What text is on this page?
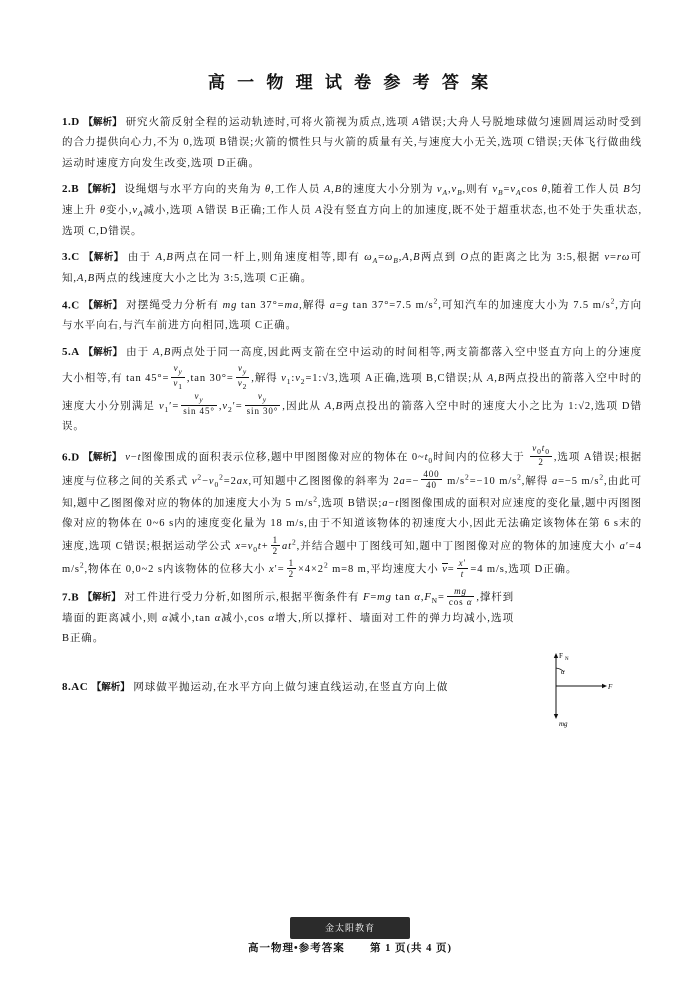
高 一 物 理 试 卷 参 考 答 案
1.D 【解析】 研究火箭反射全程的运动轨迹时,可将火箭视为质点,选项 A错误;大舟人号脱地球做匀速圆周运动时受到的合力提供向心力,不为 0,选项 B错误;火箭的惯性只与火箭的质量有关,与速度大小无关,选项 C错误;天体飞行做曲线运动时速度方向发生改变,选项 D正确。
2.B 【解析】 设绳烟与水平方向的夹角为 θ,工作人员 A,B的速度大小分别为 $v_A,v_B$,则有 $v_B=v_A\cos$ θ,随着工作人员 B匀速上升 θ变小$,v_A$减小,选项 A错误 B正确;工作人员 A没有竖直方向上的加速度,既不处于超重状态,也不处于失重状态,选项 C,D错误。
3.C 【解析】 由于 A,B两点在同一杆上,则角速度相等,即有 $\omega_A=\omega_B,A,B$两点到 O点的距离之比为 3:5,根据 v=rω可知,A,B两点的线速度大小之比为 3:5,选项 C正确。
4.C 【解析】 对摆绳受力分析有 mg tan 37°=ma,解得 a=g tan 37°=7.5 $m/s^2$,可知汽车的加速度大小为 7.5 $m/s^2$,方向与水平向右,与汽车前进方向相同,选项 C正确。
5.A 【解析】 由于 A,B两点处于同一高度,因此两支箭在空中运动的时间相等,两支箭都落入空中竖直方向上的分速度大小相等,有 $\tan 45^\circ= \frac{v_y}{v_1} ,\tan$ $30^\circ= \frac{v_y}{v_2}$ ,解得 $v_1:v_2=1:√3$,选项 A正确,选项 B,C错误;从 A,B两点投出的箭落入空中时的速度大小分别满足 $v_1'= \frac{v_y}{\sin 45^\circ} ,v_2'= \frac{v_y}{\sin 30^\circ}$ ,因此从 A,B两点投出的箭落入空中时的速度大小之比为 1:√2,选项 D错误。
6.D 【解析】 v−t图像围成的面积表示位移,题中甲图图像对应的物体在 $0\sim t_0$时间内的位移大于 $\frac{v_0t_0}{2}$ ,选项 A错误;根据速度与位移之间的关系式 $v^2-v_0^2=2ax$,可知题中乙图图像的斜率为 $2a=- \frac{400}{40} m/s^2=-10$ $m/s^2$,解得 a=−5 $m/s^2$,由此可知,题中乙图图像对应的物体的加速度大小为 5 $m/s^2$,选项 B错误;a−t图图像围成的面积对应速度的变化量,题中丙图图像对应的物体在 0~6 s内的速度变化量为 18 m/s,由于不知道该物体的初速度大小,因此无法确定该物体在第 6 s末的速度,选项 C错误;根据运动学公式 $x=v_0t+ \frac{1}{2} at^2$,并结合题中丁图线可知,题中丁图图像对应的物体的加速度大小 a′=4 $m/s^2$,物体在 0,0~2 s内该物体的位移大小 $x'= \frac{1}{2} \times 4\times 2^2$ m=8 m,平均速度大小 $v= \frac{x'}{t} =4$ m/s,选项 D正确。
7.B 【解析】 对工件进行受力分析,如图所示,根据平衡条件有 F=mg $\tan \alpha,F_N= \frac{mg}{\text{cos α}}$ ,撑杆到墙面的距离减小,则 α减小,tan α减小,cos α增大,所以撑杆、墙面对工件的弹力均减小,选项 B正确。
F N
α
F
mg
8.AC 【解析】 网球做平抛运动,在水平方向上做匀速直线运动,在竖直方向上做
金太阳教育
高一物理•参考答案 第 1 页(共 4 页)
